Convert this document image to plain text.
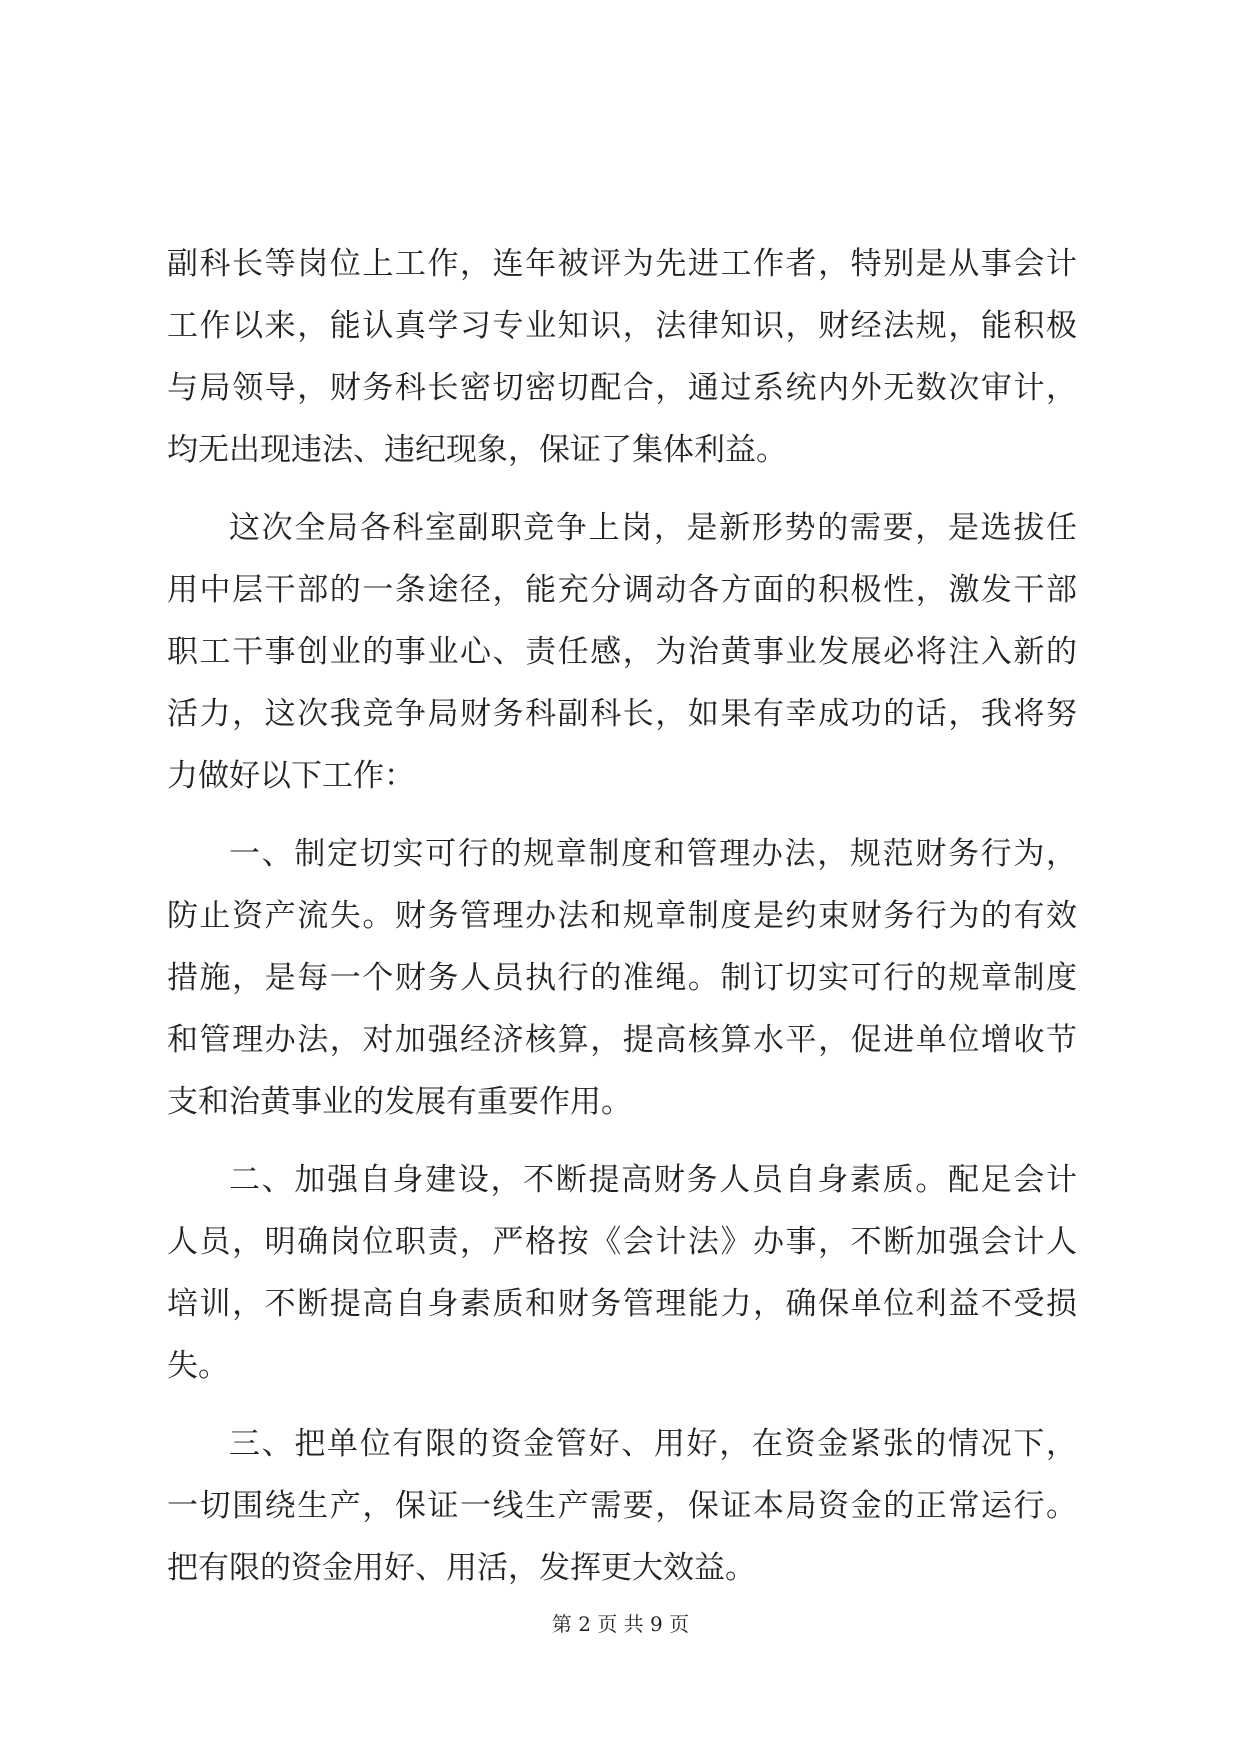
副科长等岗位上工作，连年被评为先进工作者，特别是从事会计
工作以来，能认真学习专业知识，法律知识，财经法规，能积极
与局领导，财务科长密切密切配合，通过系统内外无数次审计，
均无出现违法、违纪现象，保证了集体利益。
这次全局各科室副职竞争上岗，是新形势的需要，是选拔任
用中层干部的一条途径，能充分调动各方面的积极性，激发干部
职工干事创业的事业心、责任感，为治黄事业发展必将注入新的
活力，这次我竞争局财务科副科长，如果有幸成功的话，我将努
力做好以下工作：
一、制定切实可行的规章制度和管理办法，规范财务行为，
防止资产流失。财务管理办法和规章制度是约束财务行为的有效
措施，是每一个财务人员执行的准绳。制订切实可行的规章制度
和管理办法，对加强经济核算，提高核算水平，促进单位增收节
支和治黄事业的发展有重要作用。
二、加强自身建设，不断提高财务人员自身素质。配足会计
人员，明确岗位职责，严格按《会计法》办事，不断加强会计人
培训，不断提高自身素质和财务管理能力，确保单位利益不受损
失。
三、把单位有限的资金管好、用好，在资金紧张的情况下，
一切围绕生产，保证一线生产需要，保证本局资金的正常运行。
把有限的资金用好、用活，发挥更大效益。
第 2 页 共 9 页
